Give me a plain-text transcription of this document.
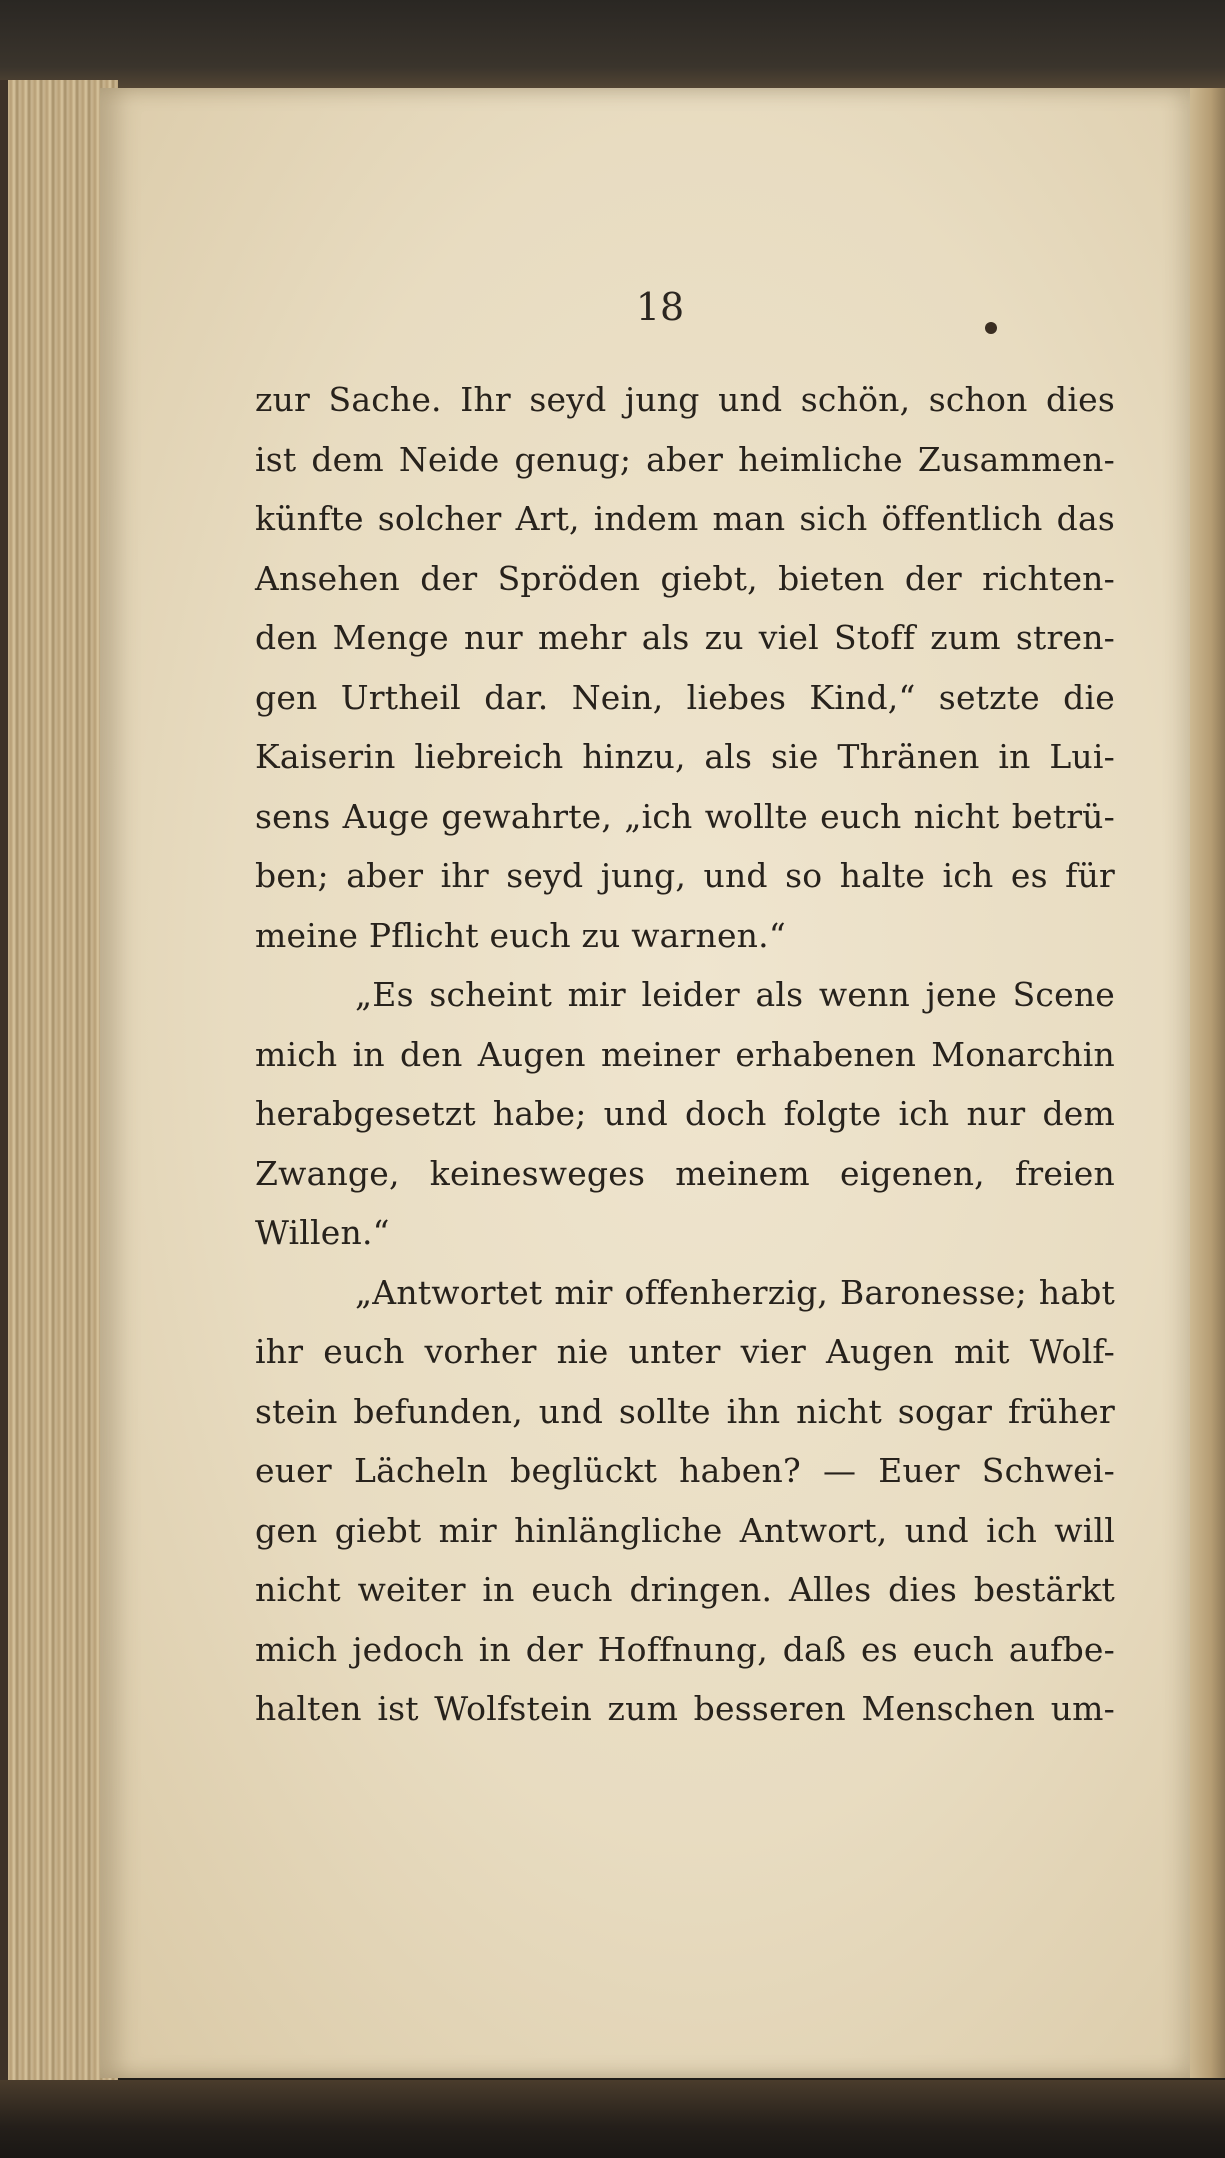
18
zur Sache. Ihr seyd jung und schön, schon dies
ist dem Neide genug; aber heimliche Zusammen-
künfte solcher Art, indem man sich öffentlich das
Ansehen der Spröden giebt, bieten der richten-
den Menge nur mehr als zu viel Stoff zum stren-
gen Urtheil dar. Nein, liebes Kind,“ setzte die
Kaiserin liebreich hinzu, als sie Thränen in Lui-
sens Auge gewahrte, „ich wollte euch nicht betrü-
ben; aber ihr seyd jung, und so halte ich es für
meine Pflicht euch zu warnen.“
„Es scheint mir leider als wenn jene Scene
mich in den Augen meiner erhabenen Monarchin
herabgesetzt habe; und doch folgte ich nur dem
Zwange, keinesweges meinem eigenen, freien
Willen.“
„Antwortet mir offenherzig, Baronesse; habt
ihr euch vorher nie unter vier Augen mit Wolf-
stein befunden, und sollte ihn nicht sogar früher
euer Lächeln beglückt haben? — Euer Schwei-
gen giebt mir hinlängliche Antwort, und ich will
nicht weiter in euch dringen. Alles dies bestärkt
mich jedoch in der Hoffnung, daß es euch aufbe-
halten ist Wolfstein zum besseren Menschen um-
